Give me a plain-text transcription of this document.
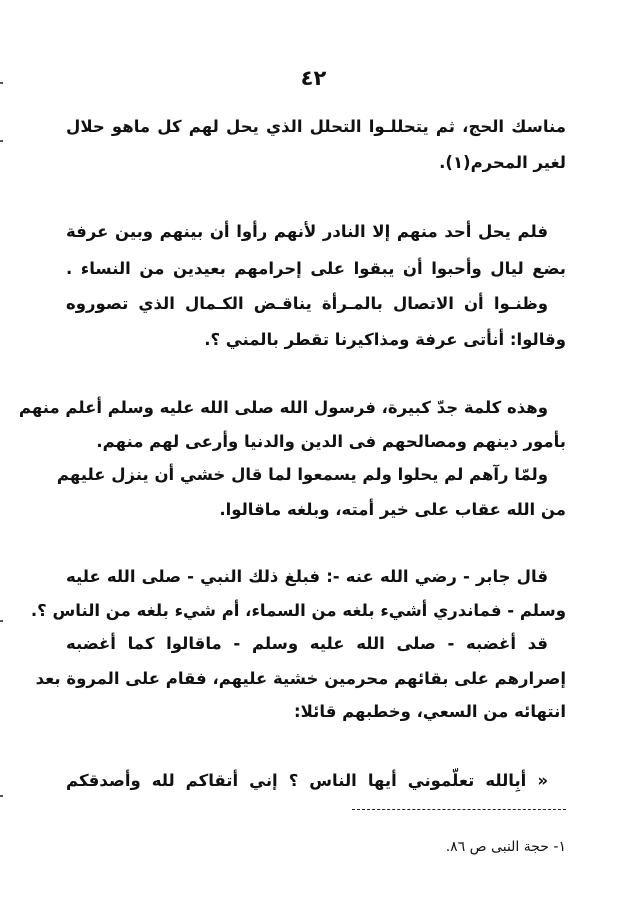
٤٢

مناسك الحج، ثم يتحللـوا التحلل الذي يحل لهم كل ماهو حلال

لغير المحرم(١).

فلم يحل أحد منهم إلا النادر لأنهم رأوا أن بينهم وبين عرفة

بضع ليال وأحبوا أن يبقوا على إحرامهم بعيدين من النساء .

وظنـوا أن الاتصال بالمـرأة يناقـض الكـمال الذي تصوروه

وقالوا: أنأتى عرفة ومذاكيرنا تقطر بالمني ؟.

وهذه كلمة جدّ كبيرة، فرسول الله صلى الله عليه وسلم أعلم منهم

بأمور دينهم ومصالحهم فى الدين والدنيا وأرعى لهم منهم.

ولمّا رآهم لم يحلوا ولم يسمعوا لما قال خشي أن ينزل عليهم

من الله عقاب على خير أمته، وبلغه ماقالوا.

قال جابر - رضي الله عنه -: فبلغ ذلك النبي - صلى الله عليه

وسلم - فماندري أشيء بلغه من السماء، أم شيء بلغه من الناس ؟.

قد أغضبه - صلى الله عليه وسلم - ماقالوا كما أغضبه

إصرارهم على بقائهم محرمين خشية عليهم، فقام على المروة بعد

انتهائه من السعي، وخطبهم قائلا:

« أبِالله تعلّموني أيها الناس ؟ إني أتقاكم لله وأصدقكم

١- حجة النبى ص ٨٦.
